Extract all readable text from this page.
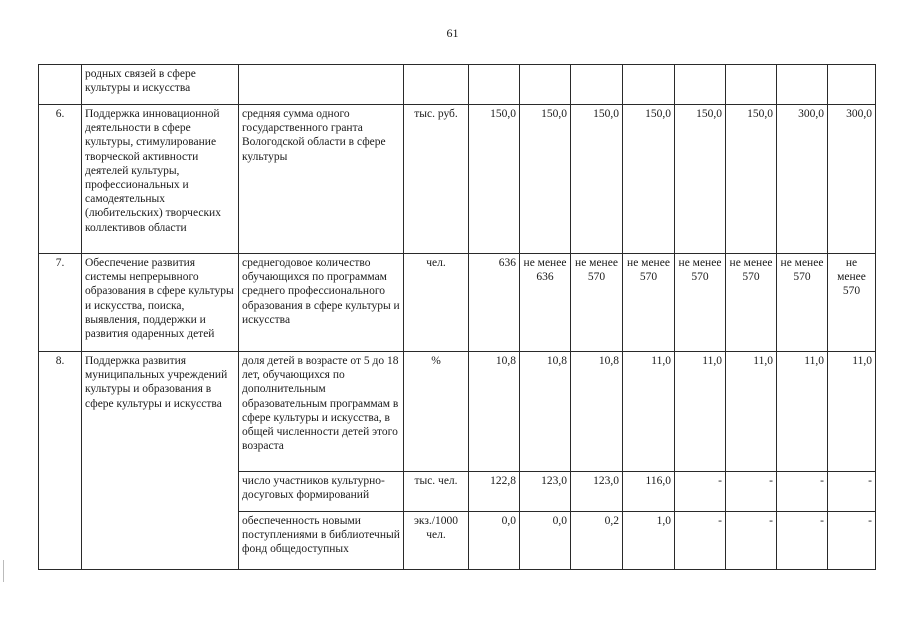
61
	родных связей в сфере культуры и искусства										
6.	Поддержка инновационной деятельности в сфере культуры, стимулирование творческой активности деятелей культуры, профессиональных и самодеятельных (любительских) творческих коллективов области	средняя сумма одного государственного гранта Вологодской области в сфере культуры	тыс. руб.	150,0	150,0	150,0	150,0	150,0	150,0	300,0	300,0
7.	Обеспечение развития системы непрерывного образования в сфере культуры и искусства, поиска, выявления, поддержки и развития одаренных детей	среднегодовое количество обучающихся по программам среднего профессионального образования в сфере культуры и искусства	чел.	636	не менее 636	не менее 570	не менее 570	не менее 570	не менее 570	не менее 570	не менее 570
8.	Поддержка развития муниципальных учреждений культуры и образования в сфере культуры и искусства	доля детей в возрасте от 5 до 18 лет, обучающихся по дополнительным образовательным программам в сфере культуры и искусства, в общей численности детей этого возраста	%	10,8	10,8	10,8	11,0	11,0	11,0	11,0	11,0
		число участников культурно-досуговых формирований	тыс. чел.	122,8	123,0	123,0	116,0	-	-	-	-
		обеспеченность новыми поступлениями в библиотечный фонд общедоступных	экз./1000 чел.	0,0	0,0	0,2	1,0	-	-	-	-
